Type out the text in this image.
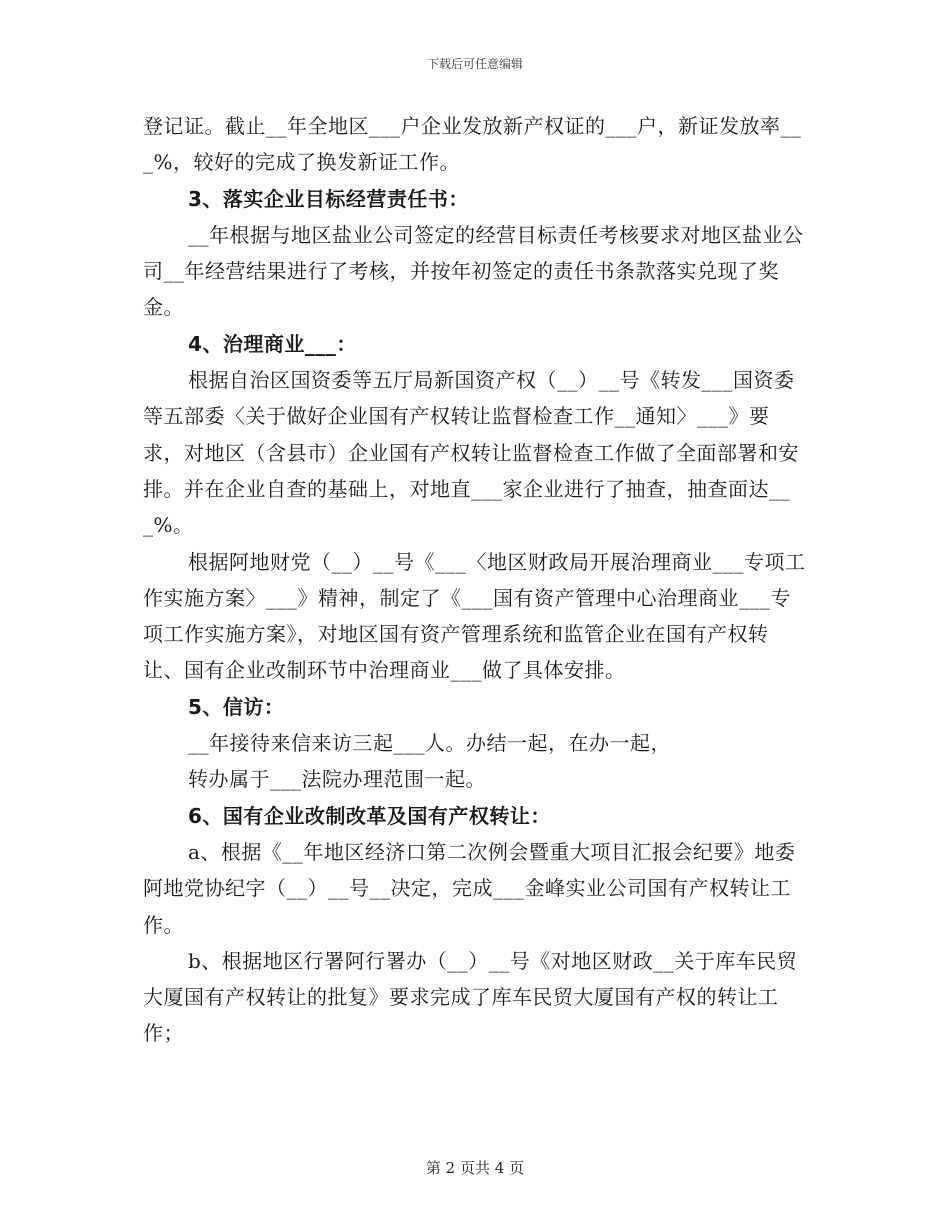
下载后可任意编辑

登记证。截止__年全地区___户企业发放新产权证的___户，新证发放率___%，较好的完成了换发新证工作。

3、落实企业目标经营责任书：

__年根据与地区盐业公司签定的经营目标责任考核要求对地区盐业公司__年经营结果进行了考核，并按年初签定的责任书条款落实兑现了奖金。

4、治理商业___：

根据自治区国资委等五厅局新国资产权（__）__号《转发___国资委等五部委〈关于做好企业国有产权转让监督检查工作__通知〉___》要求，对地区（含县市）企业国有产权转让监督检查工作做了全面部署和安排。并在企业自查的基础上，对地直___家企业进行了抽查，抽查面达___%。

根据阿地财党（__）__号《___〈地区财政局开展治理商业___专项工作实施方案〉___》精神，制定了《___国有资产管理中心治理商业___专项工作实施方案》，对地区国有资产管理系统和监管企业在国有产权转让、国有企业改制环节中治理商业___做了具体安排。

5、信访：

__年接待来信来访三起___人。办结一起，在办一起，
转办属于___法院办理范围一起。

6、国有企业改制改革及国有产权转让：

a、根据《__年地区经济口第二次例会暨重大项目汇报会纪要》地委阿地党协纪字（__）__号__决定，完成___金峰实业公司国有产权转让工作。

b、根据地区行署阿行署办（__）__号《对地区财政__关于库车民贸大厦国有产权转让的批复》要求完成了库车民贸大厦国有产权的转让工作；

第 2 页共 4 页
